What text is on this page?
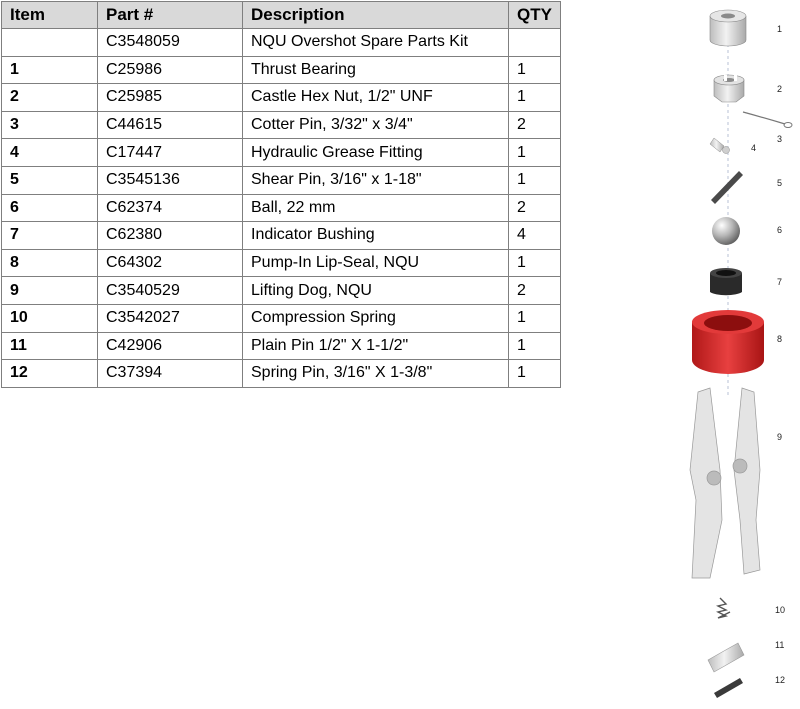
Item	Part #	Description	QTY
	C3548059	NQU Overshot Spare Parts Kit	
1	C25986	Thrust Bearing	1
2	C25985	Castle Hex Nut, 1/2" UNF	1
3	C44615	Cotter Pin, 3/32" x 3/4"	2
4	C17447	Hydraulic Grease Fitting	1
5	C3545136	Shear Pin, 3/16" x 1-18"	1
6	C62374	Ball, 22 mm	2
7	C62380	Indicator Bushing	4
8	C64302	Pump-In Lip-Seal, NQU	1
9	C3540529	Lifting Dog, NQU	2
10	C3542027	Compression Spring	1
11	C42906	Plain Pin 1/2" X 1-1/2"	1
12	C37394	Spring Pin, 3/16" X 1-3/8"	1
1
2
3
4
5
6
7
8
9
10
11
12
